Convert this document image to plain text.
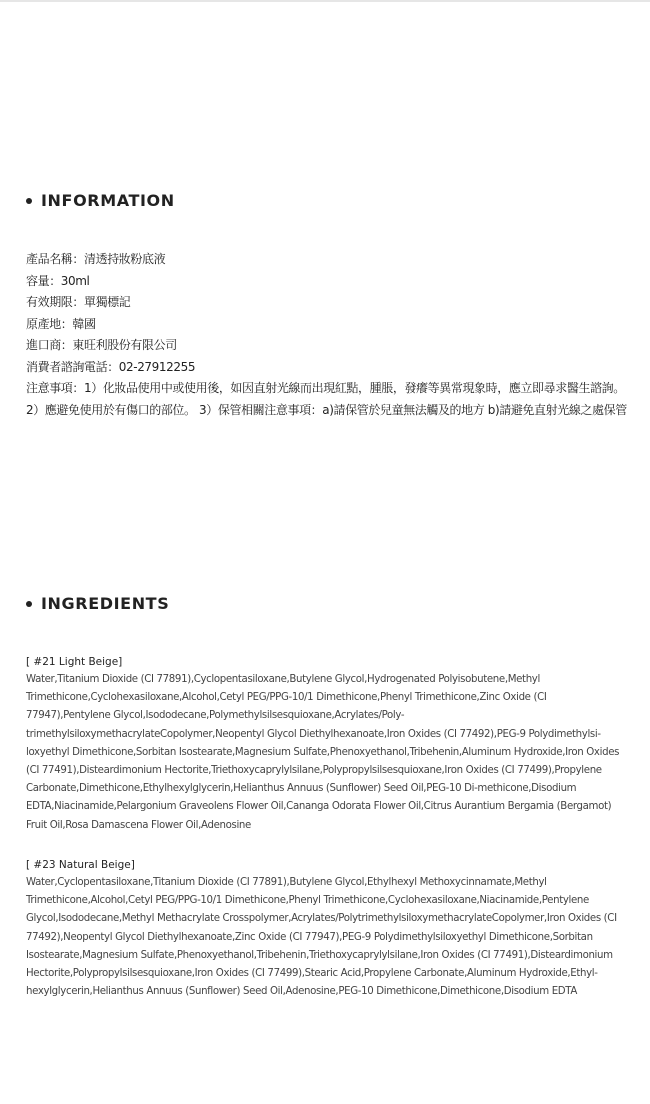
INFORMATION
產品名稱：清透持妝粉底液
容量：30ml
有效期限：單獨標記
原產地：韓國
進口商：東旺利股份有限公司
消費者諮詢電話：02-27912255
注意事項：1）化妝品使用中或使用後，如因直射光線而出現紅點，腫脹，發癢等異常現象時，應立即尋求醫生諮詢。
2）應避免使用於有傷口的部位。 3）保管相關注意事項：a)請保管於兒童無法觸及的地方 b)請避免直射光線之處保管
INGREDIENTS
[ #21 Light Beige]
Water,Titanium Dioxide (CI 77891),Cyclopentasiloxane,Butylene Glycol,Hydrogenated Polyisobutene,Methyl Trimethicone,Cyclohexasiloxane,Alcohol,Cetyl PEG/PPG-10/1 Dimethicone,Phenyl Trimethicone,Zinc Oxide (CI 77947),Pentylene Glycol,Isododecane,Polymethylsilsesquioxane,Acrylates/Poly-trimethylsiloxymethacrylateCopolymer,Neopentyl Glycol Diethylhexanoate,Iron Oxides (CI 77492),PEG-9 Polydimethylsi-loxyethyl Dimethicone,Sorbitan Isostearate,Magnesium Sulfate,Phenoxyethanol,Tribehenin,Aluminum Hydroxide,Iron Oxides (CI 77491),Disteardimonium Hectorite,Triethoxycaprylylsilane,Polypropylsilsesquioxane,Iron Oxides (CI 77499),Propylene Carbonate,Dimethicone,Ethylhexylglycerin,Helianthus Annuus (Sunflower) Seed Oil,PEG-10 Di-methicone,Disodium EDTA,Niacinamide,Pelargonium Graveolens Flower Oil,Cananga Odorata Flower Oil,Citrus Aurantium Bergamia (Bergamot) Fruit Oil,Rosa Damascena Flower Oil,Adenosine
[ #23 Natural Beige]
Water,Cyclopentasiloxane,Titanium Dioxide (CI 77891),Butylene Glycol,Ethylhexyl Methoxycinnamate,Methyl Trimethicone,Alcohol,Cetyl PEG/PPG-10/1 Dimethicone,Phenyl Trimethicone,Cyclohexasiloxane,Niacinamide,Pentylene Glycol,Isododecane,Methyl Methacrylate Crosspolymer,Acrylates/PolytrimethylsiloxymethacrylateCopolymer,Iron Oxides (CI 77492),Neopentyl Glycol Diethylhexanoate,Zinc Oxide (CI 77947),PEG-9 Polydimethylsiloxyethyl Dimethicone,Sorbitan Isostearate,Magnesium Sulfate,Phenoxyethanol,Tribehenin,Triethoxycaprylylsilane,Iron Oxides (CI 77491),Disteardimonium Hectorite,Polypropylsilsesquioxane,Iron Oxides (CI 77499),Stearic Acid,Propylene Carbonate,Aluminum Hydroxide,Ethyl-hexylglycerin,Helianthus Annuus (Sunflower) Seed Oil,Adenosine,PEG-10 Dimethicone,Dimethicone,Disodium EDTA
